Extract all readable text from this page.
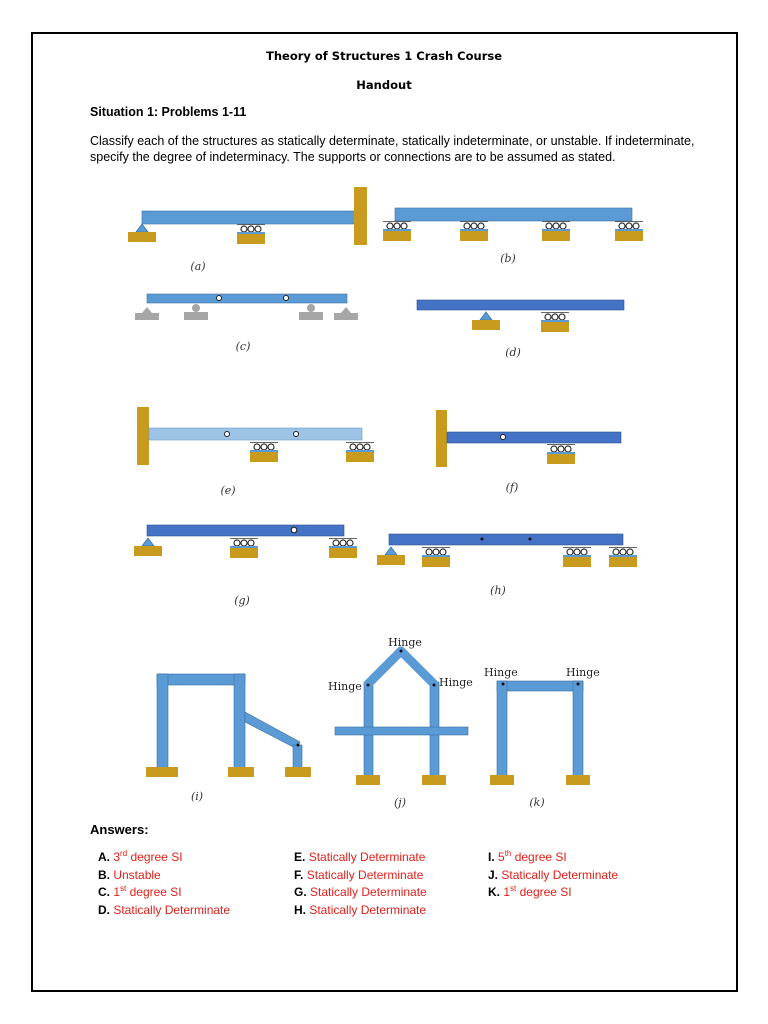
Theory of Structures 1 Crash Course
Handout
Situation 1: Problems 1-11

Classify each of the structures as statically determinate, statically indeterminate, or unstable. If indeterminate, specify the degree of indeterminacy. The supports or connections are to be assumed as stated.

(a)
(b)
(c)	(d)
(e)	(f)
(g)
(h)
(i)
Hinge
Hinge	Hinge
(j)
Hinge	Hinge
(k)
Answers:
A. 3rd degree SI
B. Unstable
C. 1st degree SI
D. Statically Determinate
E. Statically Determinate
F. Statically Determinate
G. Statically Determinate
H. Statically Determinate
I. 5th degree SI
J. Statically Determinate
K. 1st degree SI
